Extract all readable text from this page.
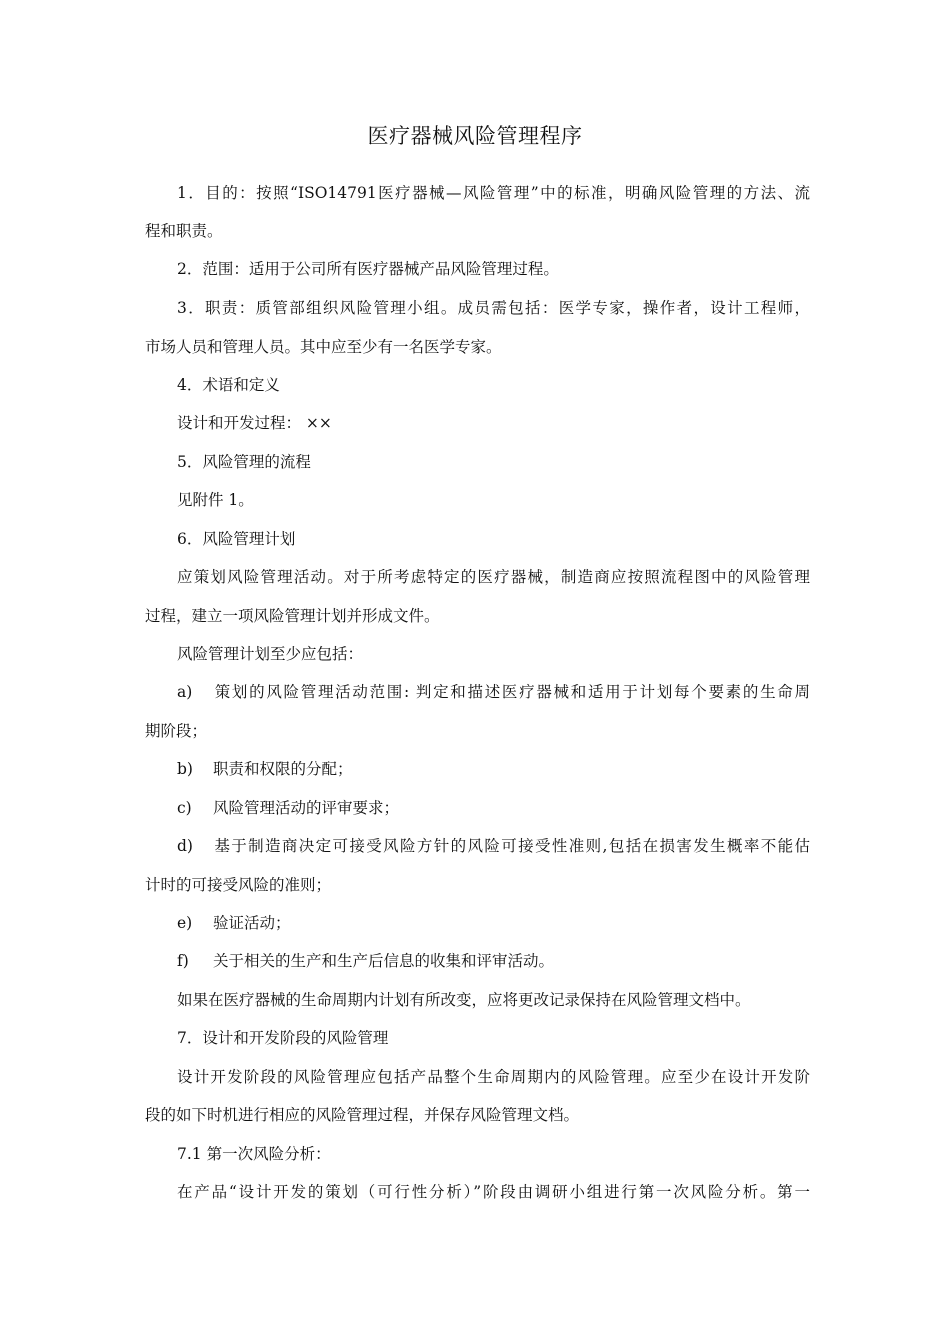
医疗器械风险管理程序
1．目的：按照“ISO14791医疗器械—风险管理”中的标准，明确风险管理的方法、流
程和职责。
2．范围：适用于公司所有医疗器械产品风险管理过程。
3．职责：质管部组织风险管理小组。成员需包括：医学专家，操作者，设计工程师，
市场人员和管理人员。其中应至少有一名医学专家。
4．术语和定义
设计和开发过程： ××
5．风险管理的流程
见附件 1。
6．风险管理计划
应策划风险管理活动。对于所考虑特定的医疗器械，制造商应按照流程图中的风险管理
过程，建立一项风险管理计划并形成文件。
风险管理计划至少应包括：
a) 策划的风险管理活动范围: 判定和描述医疗器械和适用于计划每个要素的生命周
期阶段；
b) 职责和权限的分配；
c) 风险管理活动的评审要求；
d) 基于制造商决定可接受风险方针的风险可接受性准则,包括在损害发生概率不能估
计时的可接受风险的准则；
e) 验证活动；
f) 关于相关的生产和生产后信息的收集和评审活动。
如果在医疗器械的生命周期内计划有所改变，应将更改记录保持在风险管理文档中。
7．设计和开发阶段的风险管理
设计开发阶段的风险管理应包括产品整个生命周期内的风险管理。应至少在设计开发阶
段的如下时机进行相应的风险管理过程，并保存风险管理文档。
7.1 第一次风险分析：
在产品“设计开发的策划（可行性分析）”阶段由调研小组进行第一次风险分析。第一
